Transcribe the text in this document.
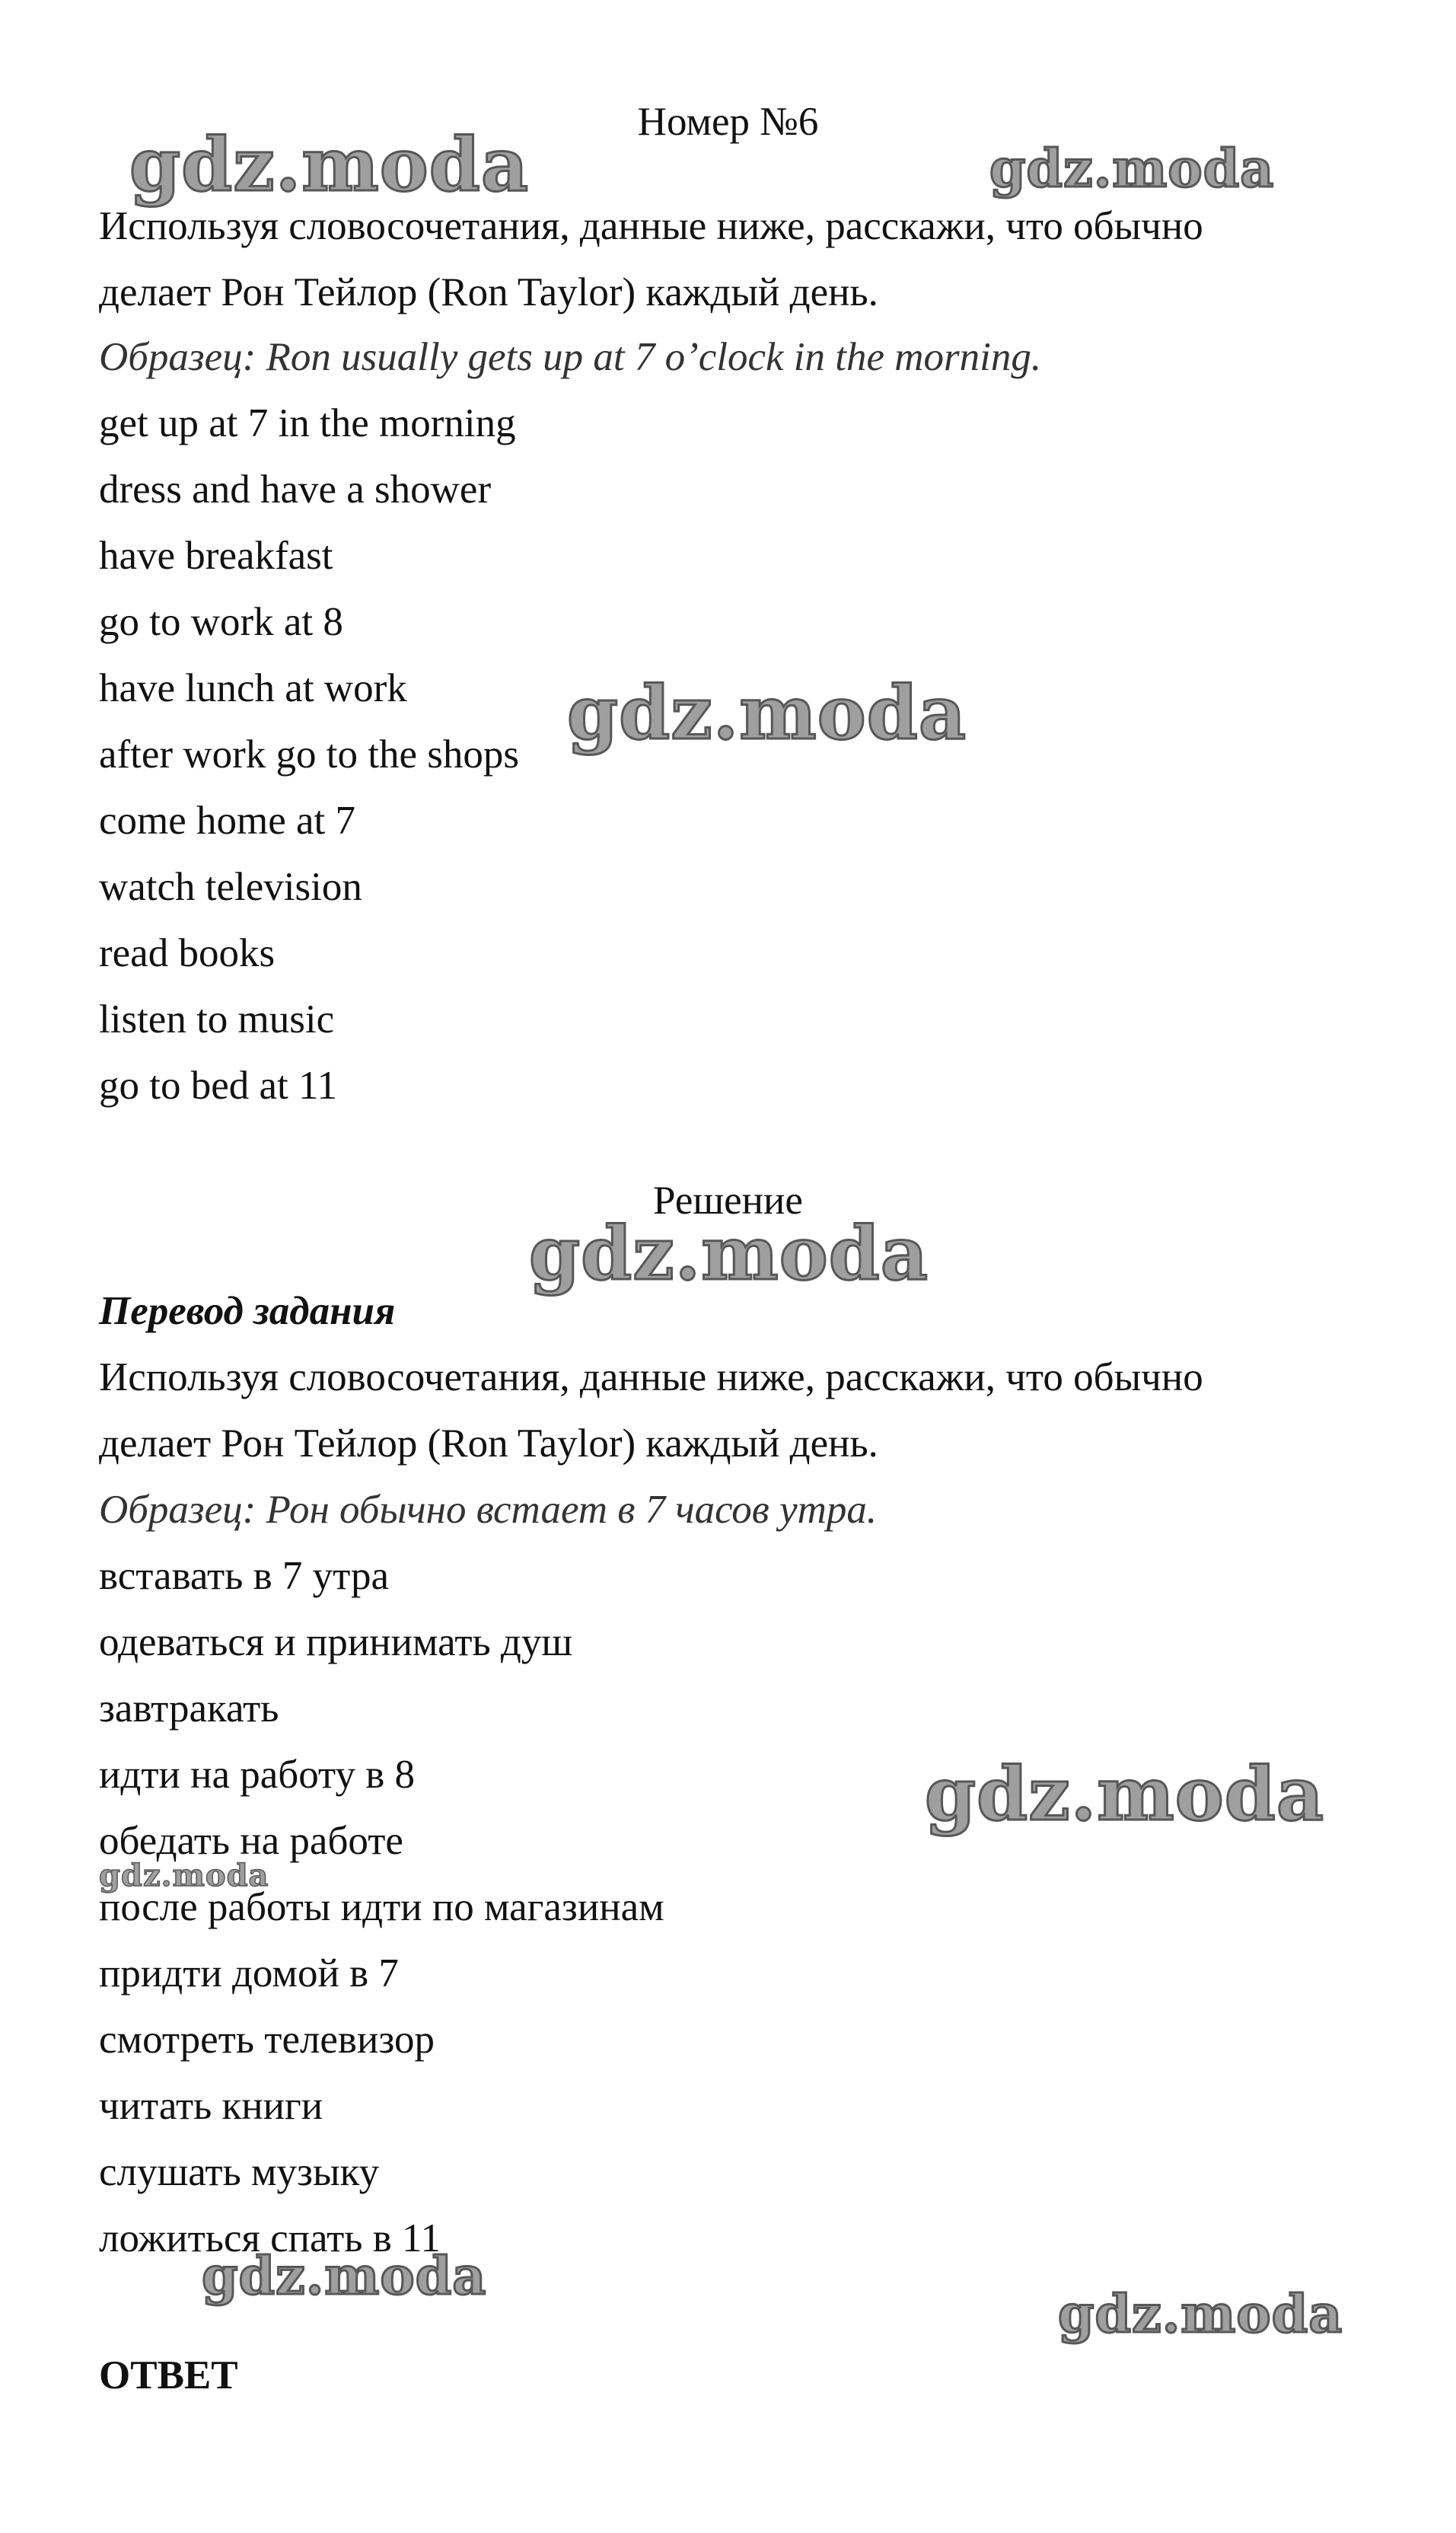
gdz.moda	gdz.moda
gdz.moda
gdz.moda
gdz.moda
gdz.moda
gdz.moda
gdz.moda
Номер №6
Используя словосочетания, данные ниже, расскажи, что обычно
делает Рон Тейлор (Ron Taylor) каждый день.
Образец: Ron usually gets up at 7 o’clock in the morning.
get up at 7 in the morning
dress and have a shower
have breakfast
go to work at 8
have lunch at work
after work go to the shops
come home at 7
watch television
read books
listen to music
go to bed at 11
Решение
Перевод задания
Используя словосочетания, данные ниже, расскажи, что обычно
делает Рон Тейлор (Ron Taylor) каждый день.
Образец: Рон обычно встает в 7 часов утра.
вставать в 7 утра
одеваться и принимать душ
завтракать
идти на работу в 8
обедать на работе
после работы идти по магазинам
придти домой в 7
смотреть телевизор
читать книги
слушать музыку
ложиться спать в 11
ОТВЕТ
